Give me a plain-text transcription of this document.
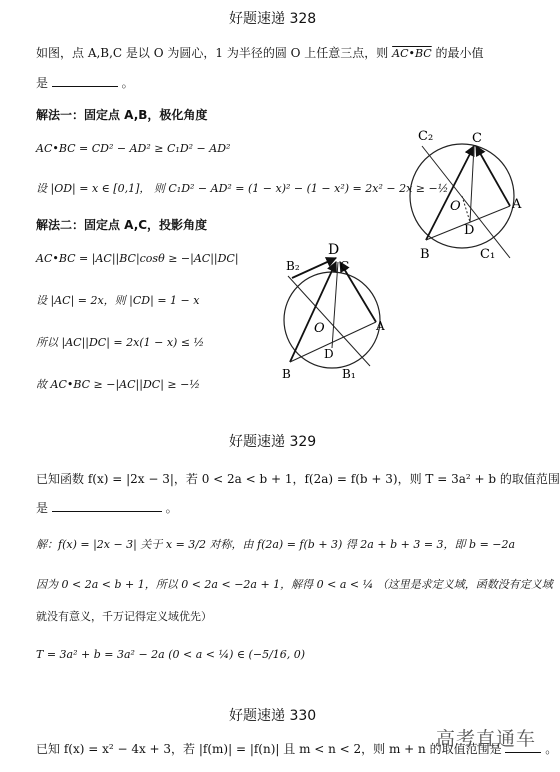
好题速递 328
如图，点 A,B,C 是以 O 为圆心，1 为半径的圆 O 上任意三点，则 AC•BC 的最小值
是	。
解法一：固定点 A,B，极化角度
AC•BC = CD² − AD² ≥ C₁D² − AD²
设 |OD| = x ∈ [0,1]， 则 C₁D² − AD² = (1 − x)² − (1 − x²) = 2x² − 2x ≥ −½
解法二：固定点 A,C，投影角度
AC•BC = |AC||BC|cosθ ≥ −|AC||DC|
设 |AC| = 2x，则 |CD| = 1 − x
所以 |AC||DC| = 2x(1 − x) ≤ ½
故 AC•BC ≥ −|AC||DC| ≥ −½
C₂	C
O	A
D
B	C₁
D
B₂	C
O	A
D
B	B₁
好题速递 329
已知函数 f(x) = |2x − 3|，若 0 < 2a < b + 1，f(2a) = f(b + 3)，则 T = 3a² + b 的取值范围
是	。
解：f(x) = |2x − 3| 关于 x = 3/2 对称，由 f(2a) = f(b + 3) 得 2a + b + 3 = 3，即 b = −2a
因为 0 < 2a < b + 1，所以 0 < 2a < −2a + 1，解得 0 < a < ¼ （这里是求定义域，函数没有定义域
就没有意义，千万记得定义域优先）
T = 3a² + b = 3a² − 2a (0 < a < ¼) ∈ (−5/16, 0)
好题速递 330
已知 f(x) = x² − 4x + 3，若 |f(m)| = |f(n)| 且 m < n < 2，则 m + n 的取值范围是	。
高考直通车
